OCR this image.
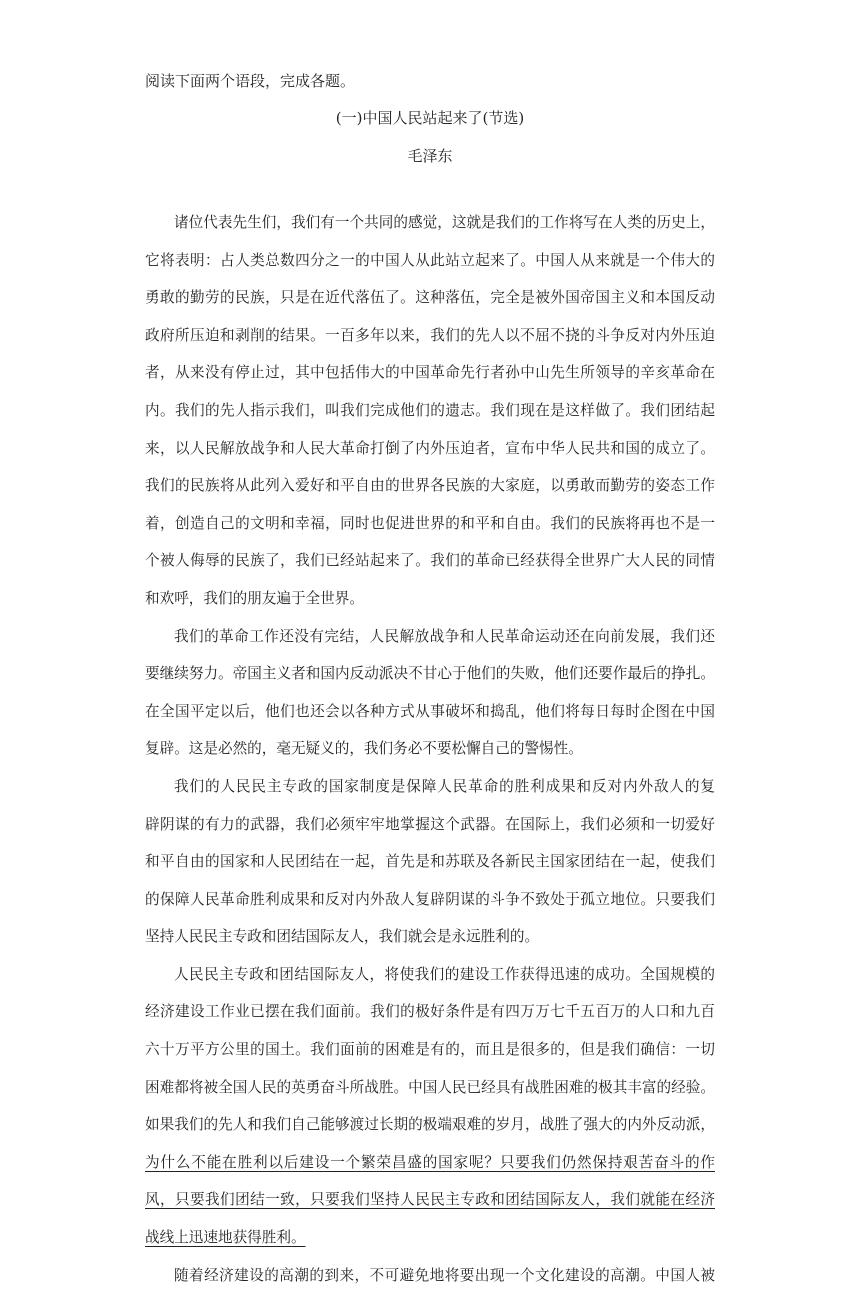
阅读下面两个语段，完成各题。
(一)中国人民站起来了(节选)
毛泽东
诸位代表先生们，我们有一个共同的感觉，这就是我们的工作将写在人类的历史上，
它将表明：占人类总数四分之一的中国人从此站立起来了。中国人从来就是一个伟大的
勇敢的勤劳的民族，只是在近代落伍了。这种落伍，完全是被外国帝国主义和本国反动
政府所压迫和剥削的结果。一百多年以来，我们的先人以不屈不挠的斗争反对内外压迫
者，从来没有停止过，其中包括伟大的中国革命先行者孙中山先生所领导的辛亥革命在
内。我们的先人指示我们，叫我们完成他们的遗志。我们现在是这样做了。我们团结起
来，以人民解放战争和人民大革命打倒了内外压迫者，宣布中华人民共和国的成立了。
我们的民族将从此列入爱好和平自由的世界各民族的大家庭，以勇敢而勤劳的姿态工作
着，创造自己的文明和幸福，同时也促进世界的和平和自由。我们的民族将再也不是一
个被人侮辱的民族了，我们已经站起来了。我们的革命已经获得全世界广大人民的同情
和欢呼，我们的朋友遍于全世界。
我们的革命工作还没有完结，人民解放战争和人民革命运动还在向前发展，我们还
要继续努力。帝国主义者和国内反动派决不甘心于他们的失败，他们还要作最后的挣扎。
在全国平定以后，他们也还会以各种方式从事破坏和捣乱，他们将每日每时企图在中国
复辟。这是必然的，毫无疑义的，我们务必不要松懈自己的警惕性。
我们的人民民主专政的国家制度是保障人民革命的胜利成果和反对内外敌人的复
辟阴谋的有力的武器，我们必须牢牢地掌握这个武器。在国际上，我们必须和一切爱好
和平自由的国家和人民团结在一起，首先是和苏联及各新民主国家团结在一起，使我们
的保障人民革命胜利成果和反对内外敌人复辟阴谋的斗争不致处于孤立地位。只要我们
坚持人民民主专政和团结国际友人，我们就会是永远胜利的。
人民民主专政和团结国际友人，将使我们的建设工作获得迅速的成功。全国规模的
经济建设工作业已摆在我们面前。我们的极好条件是有四万万七千五百万的人口和九百
六十万平方公里的国土。我们面前的困难是有的，而且是很多的，但是我们确信：一切
困难都将被全国人民的英勇奋斗所战胜。中国人民已经具有战胜困难的极其丰富的经验。
如果我们的先人和我们自己能够渡过长期的极端艰难的岁月，战胜了强大的内外反动派，
为什么不能在胜利以后建设一个繁荣昌盛的国家呢？只要我们仍然保持艰苦奋斗的作
风，只要我们团结一致，只要我们坚持人民民主专政和团结国际友人，我们就能在经济
战线上迅速地获得胜利。
随着经济建设的高潮的到来，不可避免地将要出现一个文化建设的高潮。中国人被
